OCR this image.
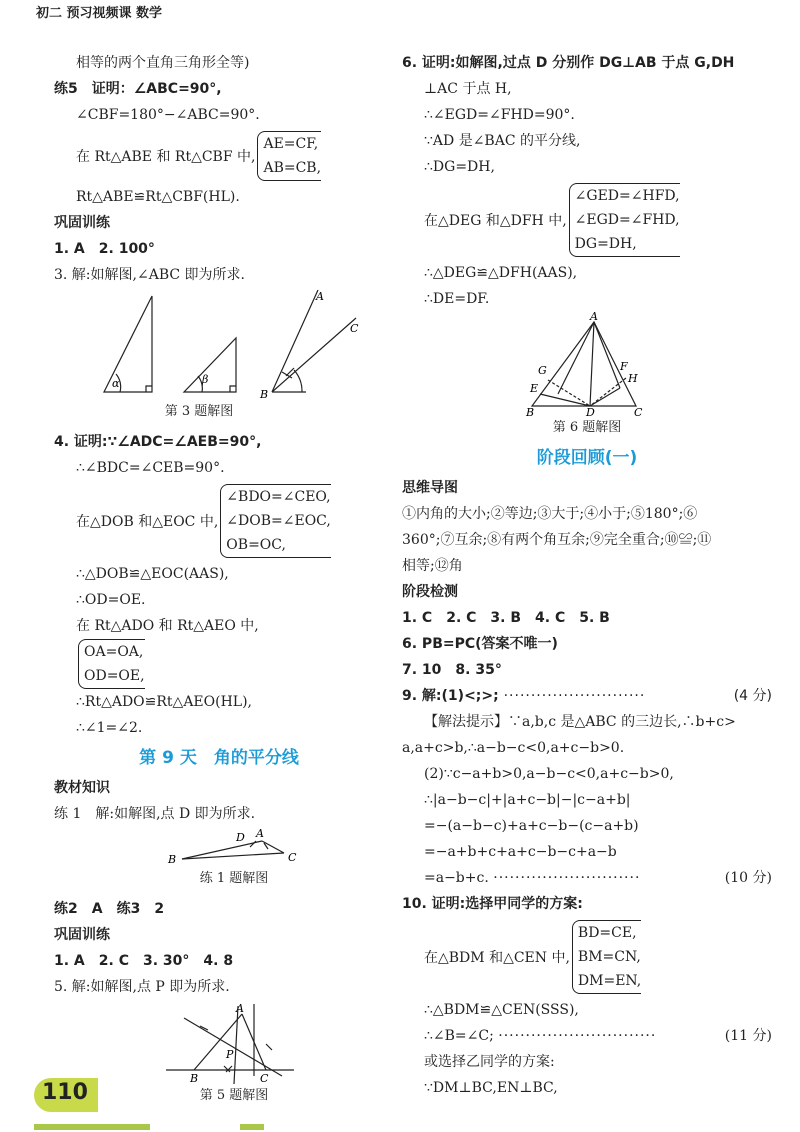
初二 预习视频课 数学
相等的两个直角三角形全等)
练5　证明：∠ABC=90°,
∠CBF=180°−∠ABC=90°.
在 Rt△ABE 和 Rt△CBF 中,
AE=CF,
AB=CB,
Rt△ABE≌Rt△CBF(HL).
巩固训练
1. A　2. 100°
3. 解:如解图,∠ABC 即为所求.
α	β
A
C
B
第 3 题解图
4. 证明:∵∠ADC=∠AEB=90°,
∴∠BDC=∠CEB=90°.
在△DOB 和△EOC 中,
∠BDO=∠CEO,
∠DOB=∠EOC,
OB=OC,
∴△DOB≌△EOC(AAS),
∴OD=OE.
在 Rt△ADO 和 Rt△AEO 中,
OA=OA,
OD=OE,
∴Rt△ADO≌Rt△AEO(HL),
∴∠1=∠2.
第 9 天　角的平分线
教材知识
练 1　解:如解图,点 D 即为所求.
B
D A
C
练 1 题解图
练2　A　练3　2
巩固训练
1. A　2. C　3. 30°　4. 8
5. 解:如解图,点 P 即为所求.
A
P
B	C
第 5 题解图
6. 证明:如解图,过点 D 分别作 DG⊥AB 于点 G,DH
⊥AC 于点 H,
∴∠EGD=∠FHD=90°.
∵AD 是∠BAC 的平分线,
∴DG=DH,
在△DEG 和△DFH 中,
∠GED=∠HFD,
∠EGD=∠FHD,
DG=DH,
∴△DEG≌△DFH(AAS),
∴DE=DF.
A
G
E
F
H
B	D	C
第 6 题解图
阶段回顾(一)
思维导图
①内角的大小;②等边;③大于;④小于;⑤180°;⑥
360°;⑦互余;⑧有两个角互余;⑨完全重合;⑩≌;⑪
相等;⑫角
阶段检测
1. C　2. C　3. B　4. C　5. B
6. PB=PC(答案不唯一)
7. 10　8. 35°
9. 解:(1)<;>; ··························	(4 分)
【解法提示】∵a,b,c 是△ABC 的三边长,∴b+c>
a,a+c>b,∴a−b−c<0,a+c−b>0.
(2)∵c−a+b>0,a−b−c<0,a+c−b>0,
∴|a−b−c|+|a+c−b|−|c−a+b|
=−(a−b−c)+a+c−b−(c−a+b)
=−a+b+c+a+c−b−c+a−b
=a−b+c. ···························	(10 分)
10. 证明:选择甲同学的方案:
在△BDM 和△CEN 中,
BD=CE,
BM=CN,
DM=EN,
∴△BDM≌△CEN(SSS),
∴∠B=∠C; ·····························	(11 分)
或选择乙同学的方案:
∵DM⊥BC,EN⊥BC,
110
